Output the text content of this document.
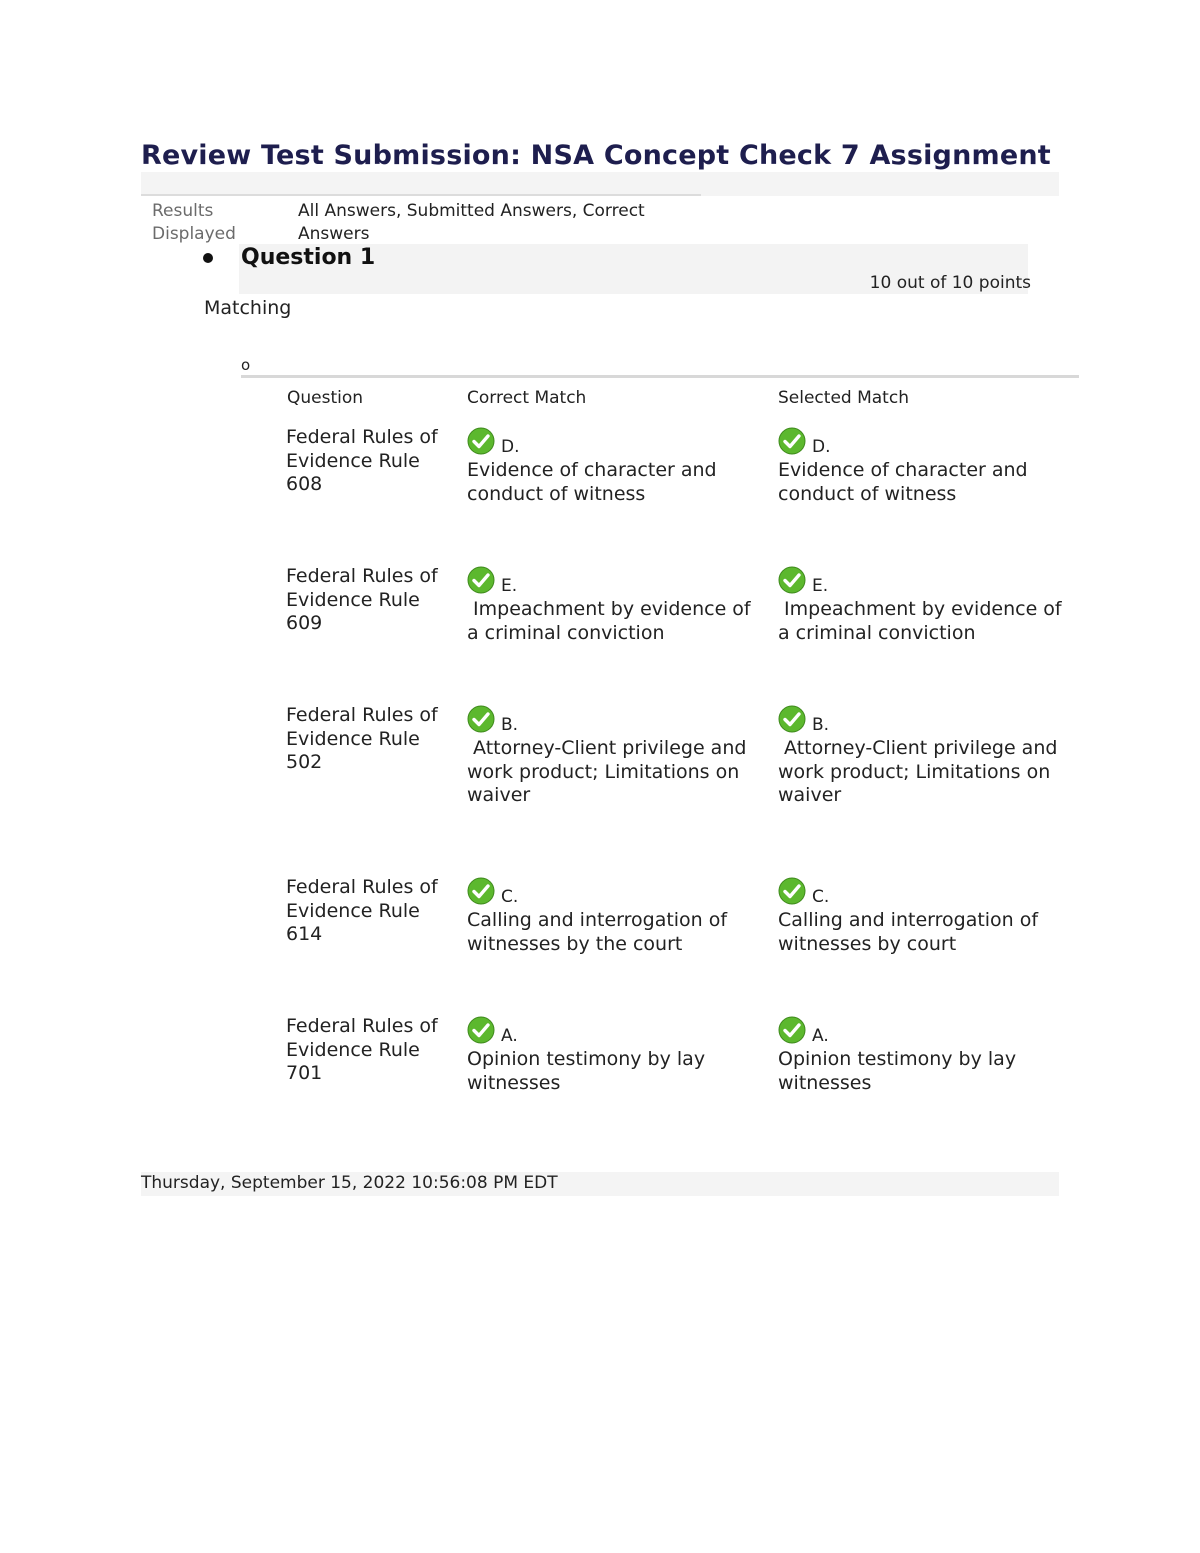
Review Test Submission: NSA Concept Check 7 Assignment
Results Displayed
All Answers, Submitted Answers, Correct Answers
Question 1
10 out of 10 points
Matching
o
Question	Correct Match	Selected Match
Federal Rules of Evidence Rule 608
D.
Evidence of character and conduct of witness
D.
Evidence of character and conduct of witness
Federal Rules of Evidence Rule 609
E.
Impeachment by evidence of a criminal conviction
E.
Impeachment by evidence of a criminal conviction
Federal Rules of Evidence Rule 502
B.
Attorney-Client privilege and work product; Limitations on waiver
B.
Attorney-Client privilege and work product; Limitations on waiver
Federal Rules of Evidence Rule 614
C.
Calling and interrogation of witnesses by the court
C.
Calling and interrogation of witnesses by court
Federal Rules of Evidence Rule 701
A.
Opinion testimony by lay witnesses
A.
Opinion testimony by lay witnesses
Thursday, September 15, 2022 10:56:08 PM EDT
